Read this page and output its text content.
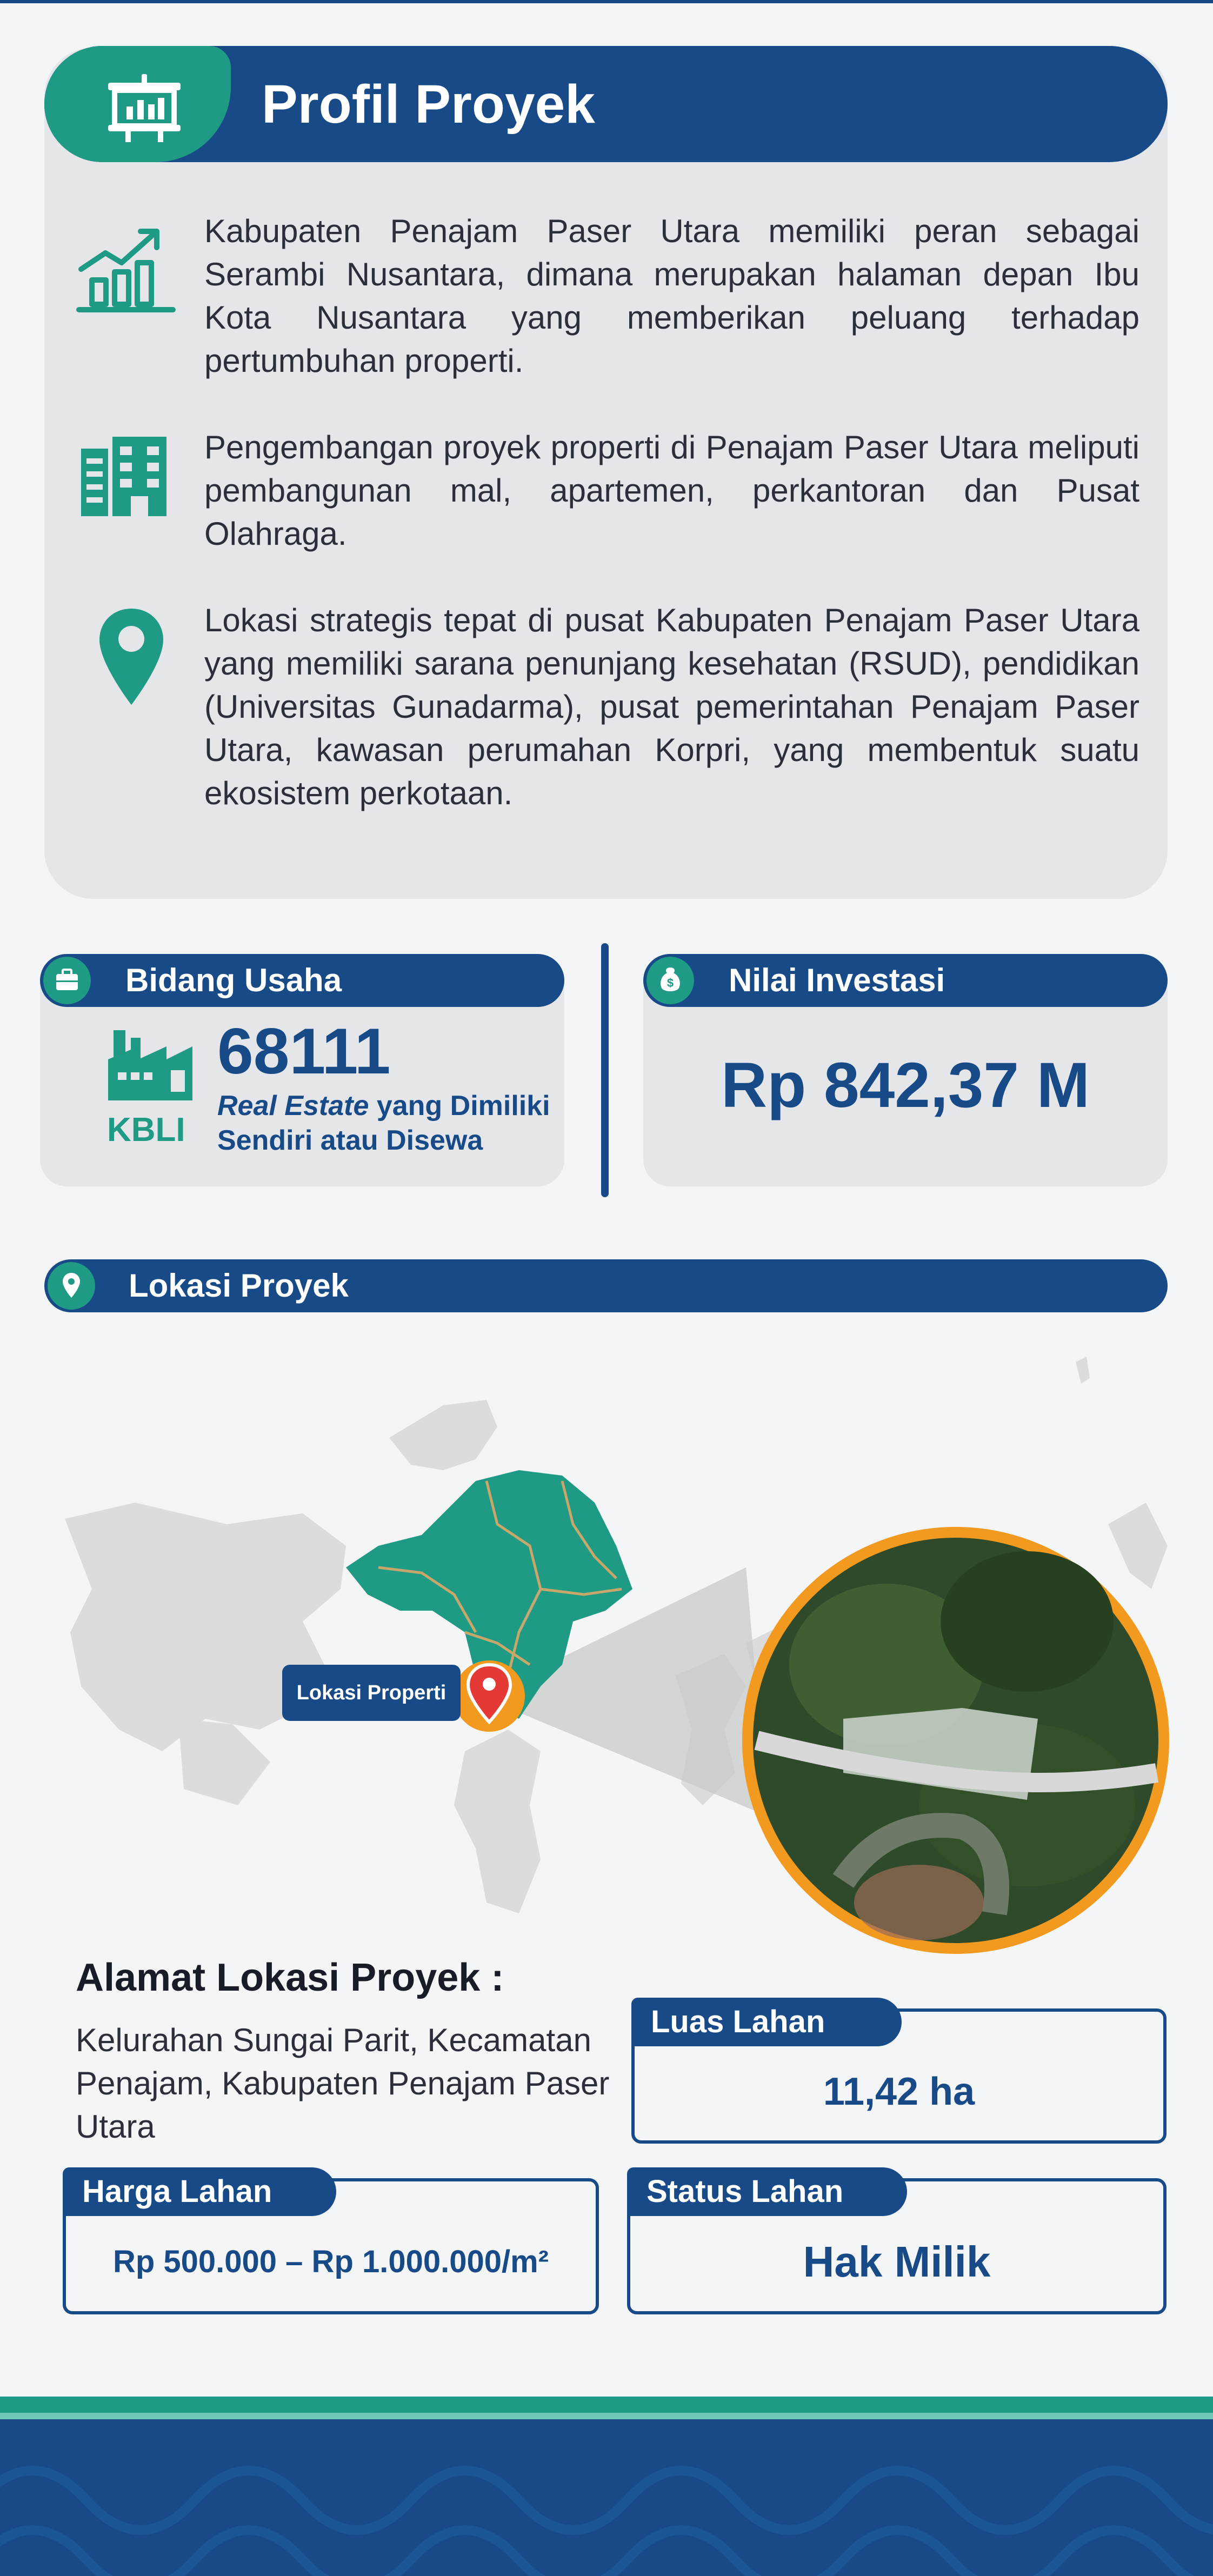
Profil Proyek
Kabupaten Penajam Paser Utara memiliki peran sebagai Serambi Nusantara, dimana merupakan halaman depan Ibu Kota Nusantara yang memberikan peluang terhadap pertumbuhan properti.
Pengembangan proyek properti di Penajam Paser Utara meliputi pembangunan mal, apartemen, perkantoran dan Pusat Olahraga.
Lokasi strategis tepat di pusat Kabupaten Penajam Paser Utara yang memiliki sarana penunjang kesehatan (RSUD), pendidikan (Universitas Gunadarma), pusat pemerintahan Penajam Paser Utara, kawasan perumahan Korpri, yang membentuk suatu ekosistem perkotaan.
Bidang Usaha
KBLI
68111
Real Estate yang Dimiliki Sendiri atau Disewa
$ Nilai Investasi
Rp 842,37 M
Lokasi Proyek
Lokasi Properti
Alamat Lokasi Proyek :
Kelurahan Sungai Parit, Kecamatan Penajam, Kabupaten Penajam Paser Utara
Luas Lahan
11,42 ha
Harga Lahan
Rp 500.000 – Rp 1.000.000/m²
Status Lahan
Hak Milik
